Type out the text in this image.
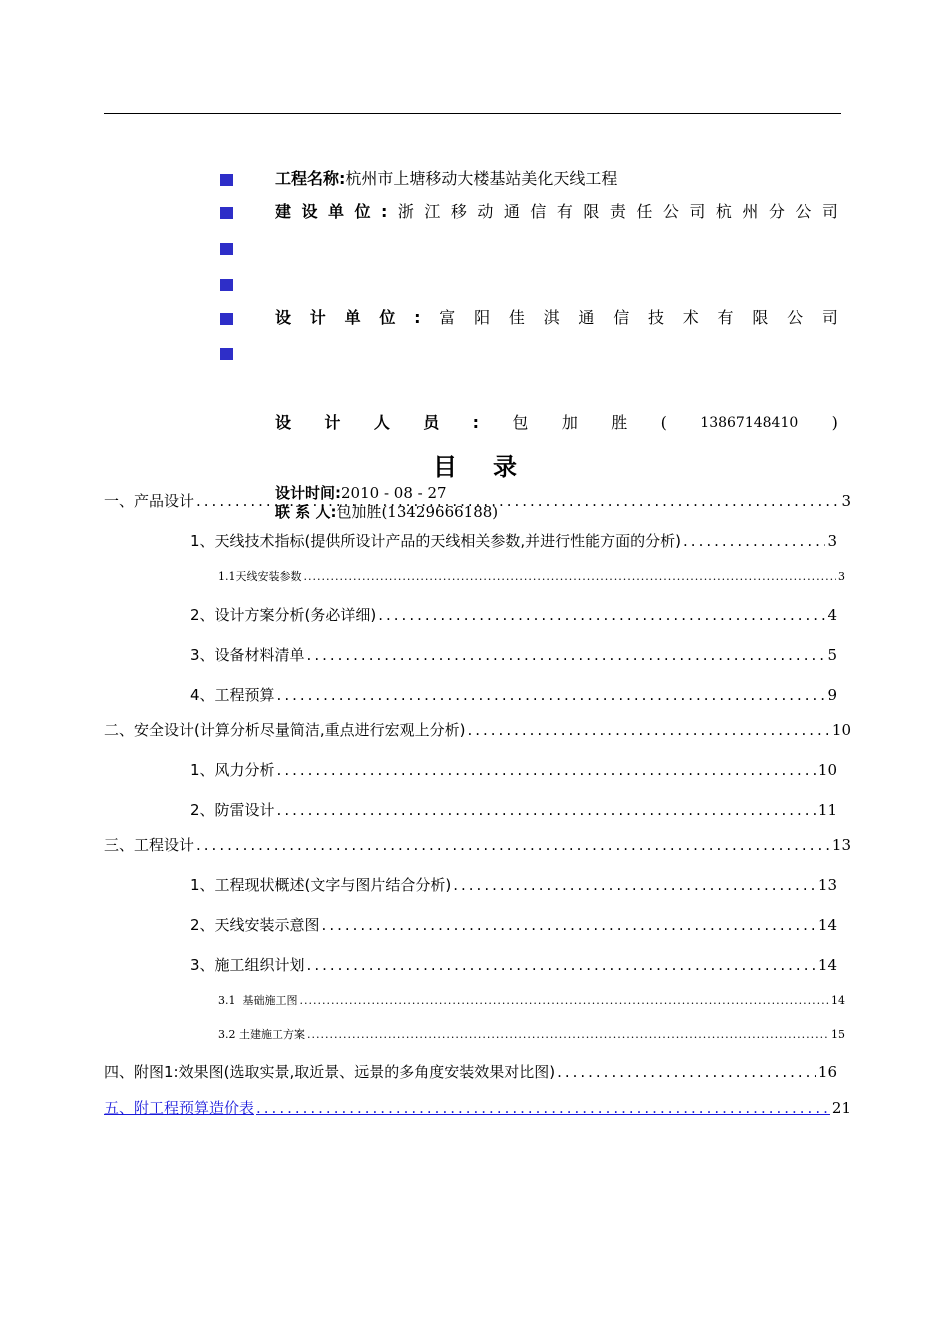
工程名称:杭州市上塘移动大楼基站美化天线工程
建 设 单 位 : 浙 江 移 动 通 信 有 限 责 任 公 司 杭 州 分 公 司
设 计 单 位 : 富 阳 佳 淇 通 信 技 术 有 限 公 司
设 计 人 员 : 包 加 胜 ( 13867148410 )
目录
设计时间:2010 - 08 - 27
联 系 人:包加胜(13429666188)
一、产品设计 .....	3
1、天线技术指标(提供所设计产品的天线相关参数,并进行性能方面的分析) .....	3
1.1天线安装参数 .....	3
2、设计方案分析(务必详细) .....	4
3、设备材料清单 .....	5
4、工程预算 .....	9
二、安全设计(计算分析尽量简洁,重点进行宏观上分析) .....	10
1、风力分析 .....	10
2、防雷设计 .....	11
三、工程设计 .....	13
1、工程现状概述(文字与图片结合分析) .....	13
2、天线安装示意图 .....	14
3、施工组织计划 .....	14
3.1  基础施工图 .....	14
3.2 土建施工方案 .....	15
四、附图1:效果图(选取实景,取近景、远景的多角度安装效果对比图) .....	16
五、附工程预算造价表 .....	21
